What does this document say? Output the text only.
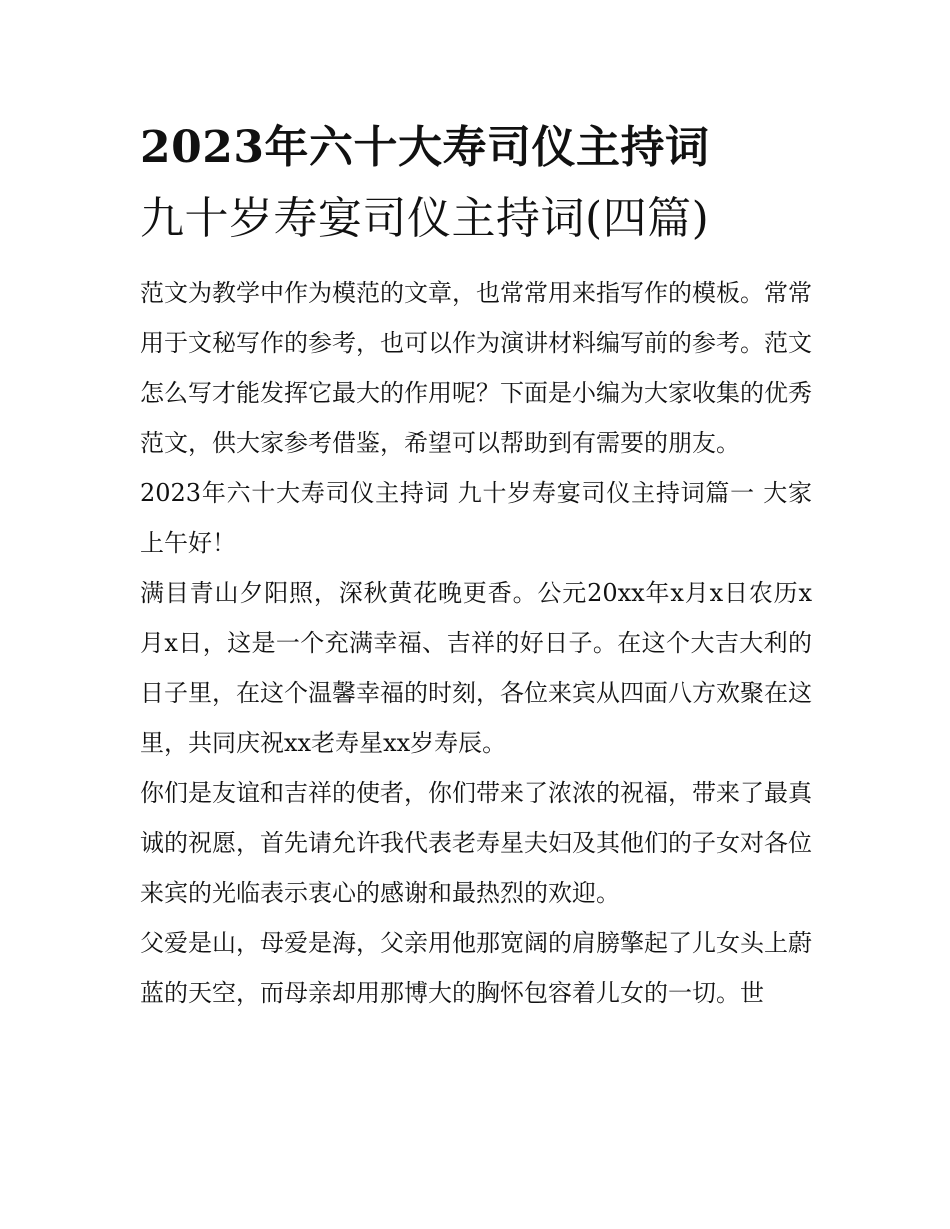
2023年六十大寿司仪主持词
九十岁寿宴司仪主持词(四篇)

范文为教学中作为模范的文章，也常常用来指写作的模板。常常用于文秘写作的参考，也可以作为演讲材料编写前的参考。范文怎么写才能发挥它最大的作用呢？下面是小编为大家收集的优秀范文，供大家参考借鉴，希望可以帮助到有需要的朋友。

2023年六十大寿司仪主持词 九十岁寿宴司仪主持词篇一 大家上午好！

满目青山夕阳照，深秋黄花晚更香。公元20xx年x月x日农历x月x日，这是一个充满幸福、吉祥的好日子。在这个大吉大利的日子里，在这个温馨幸福的时刻，各位来宾从四面八方欢聚在这里，共同庆祝xx老寿星xx岁寿辰。

你们是友谊和吉祥的使者，你们带来了浓浓的祝福，带来了最真诚的祝愿，首先请允许我代表老寿星夫妇及其他们的子女对各位来宾的光临表示衷心的感谢和最热烈的欢迎。

父爱是山，母爱是海，父亲用他那宽阔的肩膀擎起了儿女头上蔚蓝的天空，而母亲却用那博大的胸怀包容着儿女的一切。世
